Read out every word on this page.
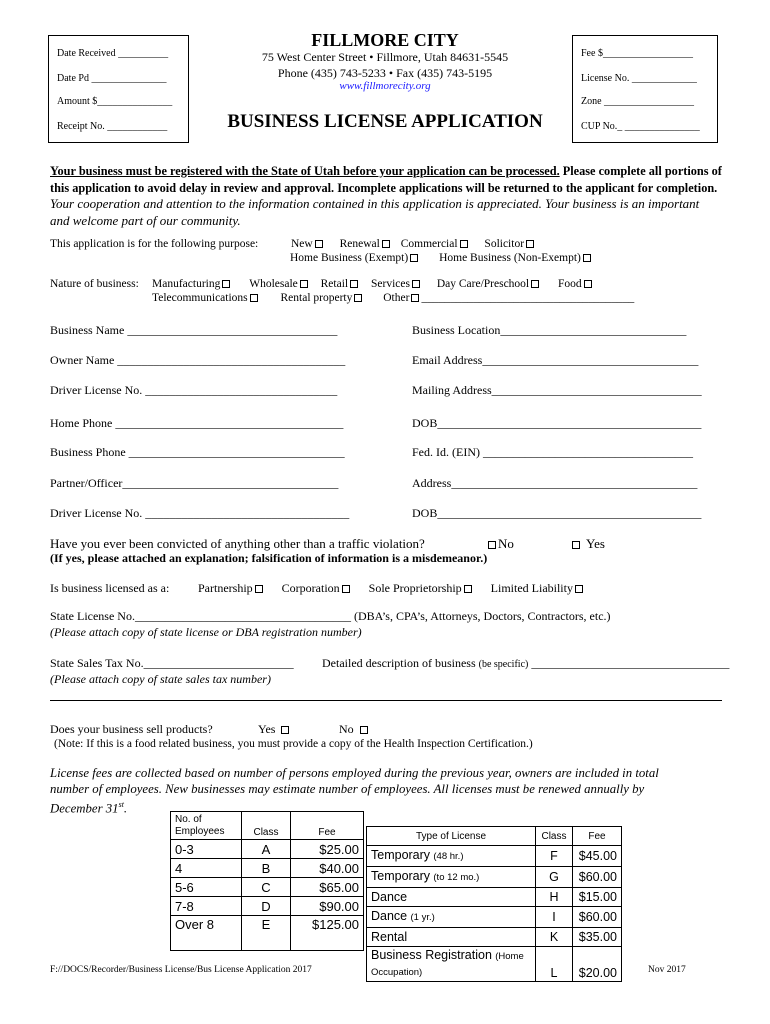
Date Received __________
Date Pd _______________
Amount $_______________
Receipt No. ____________
Fee $__________________
License No. _____________
Zone __________________
CUP No._ _______________
FILLMORE CITY
75 West Center Street • Fillmore, Utah 84631-5545
Phone (435) 743-5233 • Fax (435) 743-5195
www.fillmorecity.org
BUSINESS LICENSE APPLICATION
Your business must be registered with the State of Utah before your application can be processed. Please complete all portions of this application to avoid delay in review and approval. Incomplete applications will be returned to the applicant for completion. Your cooperation and attention to the information contained in this application is appreciated. Your business is an important and welcome part of our community.
This application is for the following purpose:	New Renewal Commercial Solicitor
Home Business (Exempt)	Home Business (Non-Exempt)
Nature of business: Manufacturing	Wholesale Retail Services Day Care/Preschool	Food
Telecommunications	Rental property	Other _____________________________________
Business Name ___________________________________
Owner Name ______________________________________
Driver License No. ________________________________
Home Phone ______________________________________
Business Phone ____________________________________
Partner/Officer____________________________________
Driver License No. __________________________________
Business Location_______________________________
Email Address____________________________________
Mailing Address___________________________________
DOB____________________________________________
Fed. Id. (EIN) ___________________________________
Address_________________________________________
DOB____________________________________________
Have you ever been convicted of anything other than a traffic violation?	No	Yes
(If yes, please attached an explanation; falsification of information is a misdemeanor.)
Is business licensed as a: Partnership Corporation Sole Proprietorship Limited Liability
State License No.____________________________________ (DBA’s, CPA’s, Attorneys, Doctors, Contractors, etc.)
(Please attach copy of state license or DBA registration number)
State Sales Tax No._________________________ Detailed description of business (be specific) _________________________________
(Please attach copy of state sales tax number)
Does your business sell products?	Yes	No
(Note: If this is a food related business, you must provide a copy of the Health Inspection Certification.)
License fees are collected based on number of persons employed during the previous year, owners are included in total
number of employees. New businesses may estimate number of employees. All licenses must be renewed annually by
December 31st.
No. of
Employees	Class	Fee
0-3	A	$25.00
4	B	$40.00
5-6	C	$65.00
7-8	D	$90.00
Over 8	E	$125.00
Type of License	Class	Fee
Temporary (48 hr.)	F	$45.00
Temporary (to 12 mo.)	G	$60.00
Dance	H	$15.00
Dance (1 yr.)	I	$60.00
Rental	K	$35.00
Business Registration (Home
Occupation)	L	$20.00
F://DOCS/Recorder/Business License/Bus License Application 2017	Nov 2017
